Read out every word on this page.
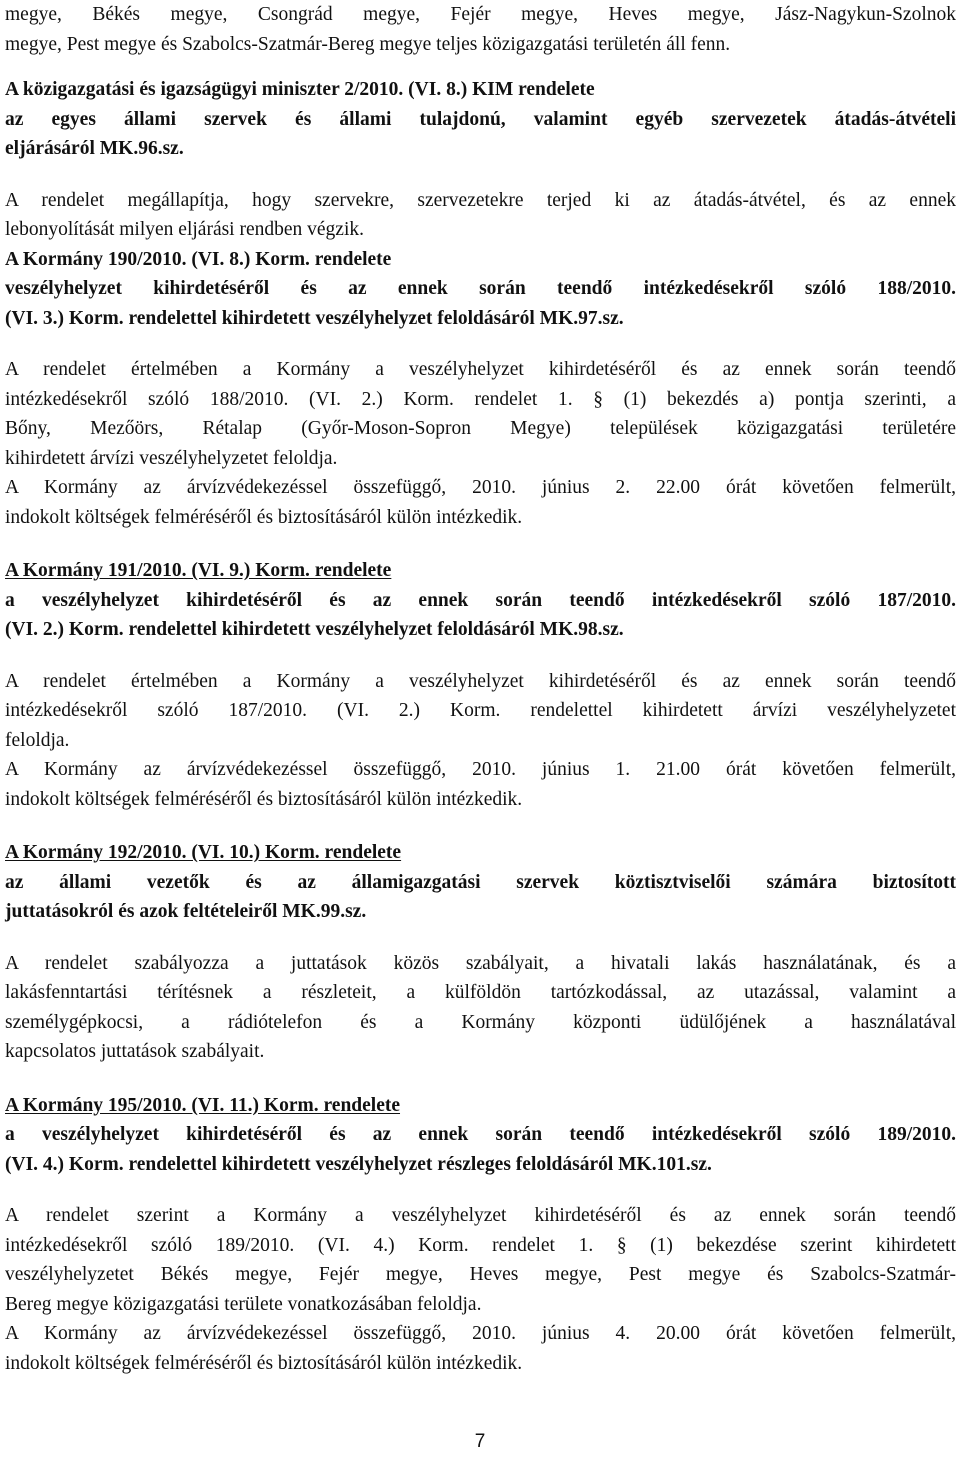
megye, Békés megye, Csongrád megye, Fejér megye, Heves megye, Jász-Nagykun-Szolnok
megye, Pest megye és Szabolcs-Szatmár-Bereg megye teljes közigazgatási területén áll fenn.
A közigazgatási és igazságügyi miniszter 2/2010. (VI. 8.) KIM rendelete
az egyes állami szervek és állami tulajdonú, valamint egyéb szervezetek átadás-átvételi
eljárásáról MK.96.sz.
A rendelet megállapítja, hogy szervekre, szervezetekre terjed ki az átadás-átvétel, és az ennek
lebonyolítását milyen eljárási rendben végzik.
A Kormány 190/2010. (VI. 8.) Korm. rendelete
veszélyhelyzet kihirdetéséről és az ennek során teendő intézkedésekről szóló 188/2010.
(VI. 3.) Korm. rendelettel kihirdetett veszélyhelyzet feloldásáról MK.97.sz.
A rendelet értelmében a Kormány a veszélyhelyzet kihirdetéséről és az ennek során teendő
intézkedésekről szóló 188/2010. (VI. 2.) Korm. rendelet 1. § (1) bekezdés a) pontja szerinti, a
Bőny, Mezőörs, Rétalap (Győr-Moson-Sopron Megye) települések közigazgatási területére
kihirdetett árvízi veszélyhelyzetet feloldja.
A Kormány az árvízvédekezéssel összefüggő, 2010. június 2. 22.00 órát követően felmerült,
indokolt költségek felméréséről és biztosításáról külön intézkedik.
A Kormány 191/2010. (VI. 9.) Korm. rendelete
a veszélyhelyzet kihirdetéséről és az ennek során teendő intézkedésekről szóló 187/2010.
(VI. 2.) Korm. rendelettel kihirdetett veszélyhelyzet feloldásáról MK.98.sz.
A rendelet értelmében a Kormány a veszélyhelyzet kihirdetéséről és az ennek során teendő
intézkedésekről szóló 187/2010. (VI. 2.) Korm. rendelettel kihirdetett árvízi veszélyhelyzetet
feloldja.
A Kormány az árvízvédekezéssel összefüggő, 2010. június 1. 21.00 órát követően felmerült,
indokolt költségek felméréséről és biztosításáról külön intézkedik.
A Kormány 192/2010. (VI. 10.) Korm. rendelete
az állami vezetők és az államigazgatási szervek köztisztviselői számára biztosított
juttatásokról és azok feltételeiről MK.99.sz.
A rendelet szabályozza a juttatások közös szabályait, a hivatali lakás használatának, és a
lakásfenntartási térítésnek a részleteit, a külföldön tartózkodással, az utazással, valamint a
személygépkocsi, a rádiótelefon és a Kormány központi üdülőjének a használatával
kapcsolatos juttatások szabályait.
A Kormány 195/2010. (VI. 11.) Korm. rendelete
a veszélyhelyzet kihirdetéséről és az ennek során teendő intézkedésekről szóló 189/2010.
(VI. 4.) Korm. rendelettel kihirdetett veszélyhelyzet részleges feloldásáról MK.101.sz.
A rendelet szerint a Kormány a veszélyhelyzet kihirdetéséről és az ennek során teendő
intézkedésekről szóló 189/2010. (VI. 4.) Korm. rendelet 1. § (1) bekezdése szerint kihirdetett
veszélyhelyzetet Békés megye, Fejér megye, Heves megye, Pest megye és Szabolcs-Szatmár-
Bereg megye közigazgatási területe vonatkozásában feloldja.
A Kormány az árvízvédekezéssel összefüggő, 2010. június 4. 20.00 órát követően felmerült,
indokolt költségek felméréséről és biztosításáról külön intézkedik.
7
